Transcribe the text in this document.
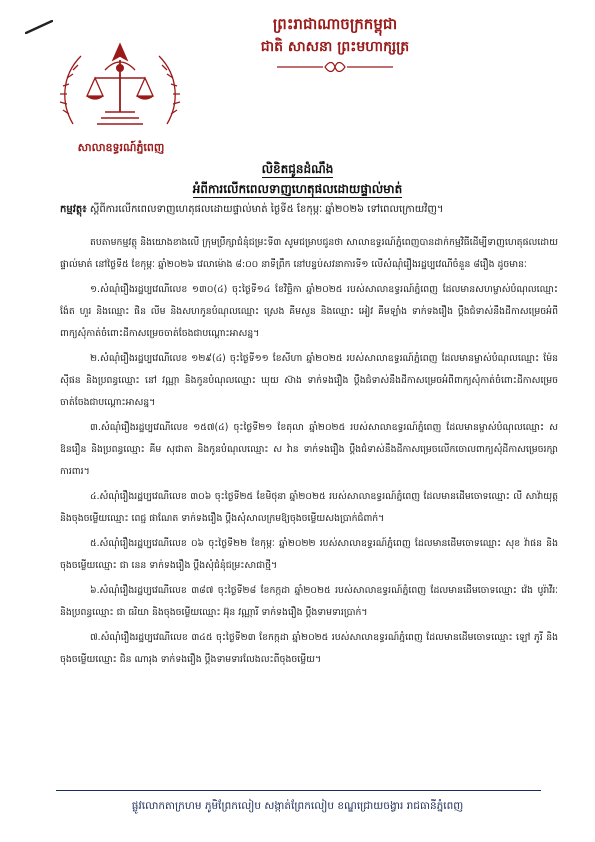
ព្រះរាជាណាចក្រកម្ពុជា
ជាតិ សាសនា ព្រះមហាក្សត្រ
សាលាឧទ្ធរណ៍ភ្នំពេញ
លិខិតជូនដំណឹង
អំពីការលើកពេលទាញហេតុផលដោយផ្ទាល់មាត់
កម្មវត្ថុ៖ ស្តីពីការលើកពេលទាញហេតុផលដោយផ្ទាល់មាត់ ថ្ងៃទី៥ ខែកុម្ភៈ ឆ្នាំ២០២៦ ទៅពេលក្រោយវិញ។

តបតាមកម្មវត្ថុ និងយោងខាងលើ ក្រុមប្រឹក្សាជំនុំជម្រះទី៣ សូមជម្រាបជូនថា សាលាឧទ្ធរណ៍ភ្នំពេញបានដាក់កម្មវិធីដើម្បីទាញហេតុផលដោយផ្ទាល់មាត់ នៅថ្ងៃទី៥ ខែកុម្ភៈ ឆ្នាំ២០២៦ វេលាម៉ោង ៨:០០ នាទីព្រឹក នៅបន្ទប់សវនាការទី១ លើសំណុំរឿងរដ្ឋប្បវេណីចំនួន ៨រឿង ដូចមានៈ

១.សំណុំរឿងរដ្ឋប្បវេណីលេខ ១៣០(៤) ចុះថ្ងៃទី១៤ ខែវិច្ឆិកា ឆ្នាំ២០២៥ របស់សាលាឧទ្ធរណ៍ភ្នំពេញ ដែលមានសហម្ចាស់បំណុលឈ្មោះ ង៉ែត ហួរ និងឈ្មោះ ផិន លីម និងសហកូនបំណុលឈ្មោះ ស្រេង គីមសួន និងឈ្មោះ អៀវ គីមឡាំង ទាក់ទងរឿង ប្តឹងជំទាស់នឹងដីកាសម្រេចអំពីពាក្យសុំកាត់ចំពោះដីកាសម្រេចចាត់ចែងជាបណ្តោះអាសន្ន។

២.សំណុំរឿងរដ្ឋប្បវេណីលេខ ១២៩(៤) ចុះថ្ងៃទី១១ ខែសីហា ឆ្នាំ២០២៥ របស់សាលាឧទ្ធរណ៍ភ្នំពេញ ដែលមានម្ចាស់បំណុលឈ្មោះ ម៉ែន ស៊ីផន និងប្រពន្ធឈ្មោះ នៅ វណ្ណា និងកូនបំណុលឈ្មោះ ឃុយ ស៊ាង ទាក់ទងរឿង ប្តឹងជំទាស់នឹងដីកាសម្រេចអំពីពាក្យសុំកាត់ចំពោះដីកាសម្រេចចាត់ចែងជាបណ្តោះអាសន្ន។

៣.សំណុំរឿងរដ្ឋប្បវេណីលេខ ១៥៧(៤) ចុះថ្ងៃទី២១ ខែតុលា ឆ្នាំ២០២៥ របស់សាលាឧទ្ធរណ៍ភ្នំពេញ ដែលមានម្ចាស់បំណុលឈ្មោះ ស ឱនរឿន និងប្រពន្ធឈ្មោះ គីម សុជាតា និងកូនបំណុលឈ្មោះ ស វ៉ាន ទាក់ទងរឿង ប្តឹងជំទាស់នឹងដីកាសម្រេចលើកចោលពាក្យសុំដីកាសម្រេចរក្សាការពារ។

៤.សំណុំរឿងរដ្ឋប្បវេណីលេខ ៣០៦ ចុះថ្ងៃទី២៥ ខែមិថុនា ឆ្នាំ២០២៥ របស់សាលាឧទ្ធរណ៍ភ្នំពេញ ដែលមានដើមចោទឈ្មោះ លី សាវ៉ាយុត្ត និងចុងចម្លើយឈ្មោះ ពេជ្ជ ផាណែត ទាក់ទងរឿង ប្តឹងសុំសាលក្រមឱ្យចុងចម្លើយសងប្រាក់ជំពាក់។

៥.សំណុំរឿងរដ្ឋប្បវេណីលេខ ០៦ ចុះថ្ងៃទី២២ ខែកុម្ភៈ ឆ្នាំ២០២២ របស់សាលាឧទ្ធរណ៍ភ្នំពេញ ដែលមានដើមចោទឈ្មោះ សុខ វ៉ាផន និងចុងចម្លើយឈ្មោះ ជា នេន ទាក់ទងរឿង ប្តឹងសុំជំនុំជម្រះសាជាថ្មី។

៦.សំណុំរឿងរដ្ឋប្បវេណីលេខ ៣៨៧ ចុះថ្ងៃទី២៨ ខែកក្កដា ឆ្នាំ២០២៥ របស់សាលាឧទ្ធរណ៍ភ្នំពេញ ដែលមានដើមចោទឈ្មោះ វ៉េង បូរ៉ាវីរៈ និងប្រពន្ធឈ្មោះ ជា ធរិយា និងចុងចម្លើយឈ្មោះ អ៊ុន វណ្ណារី ទាក់ទងរឿង ប្តឹងទាមទារប្រាក់។

៧.សំណុំរឿងរដ្ឋប្បវេណីលេខ ៣៤៥ ចុះថ្ងៃទី២៣ ខែកក្កដា ឆ្នាំ២០២៥ របស់សាលាឧទ្ធរណ៍ភ្នំពេញ ដែលមានដើមចោទឈ្មោះ ឡៅ ភូរី និងចុងចម្លើយឈ្មោះ ជិន ណារុង ទាក់ទងរឿង ប្តឹងទាមទារលែងលះពីចុងចម្លើយ។

ផ្លូវលោកតាក្រហម ភូមិព្រែកលៀប សង្កាត់ព្រែកលៀប ខណ្ឌជ្រោយចង្វារ រាជធានីភ្នំពេញ
